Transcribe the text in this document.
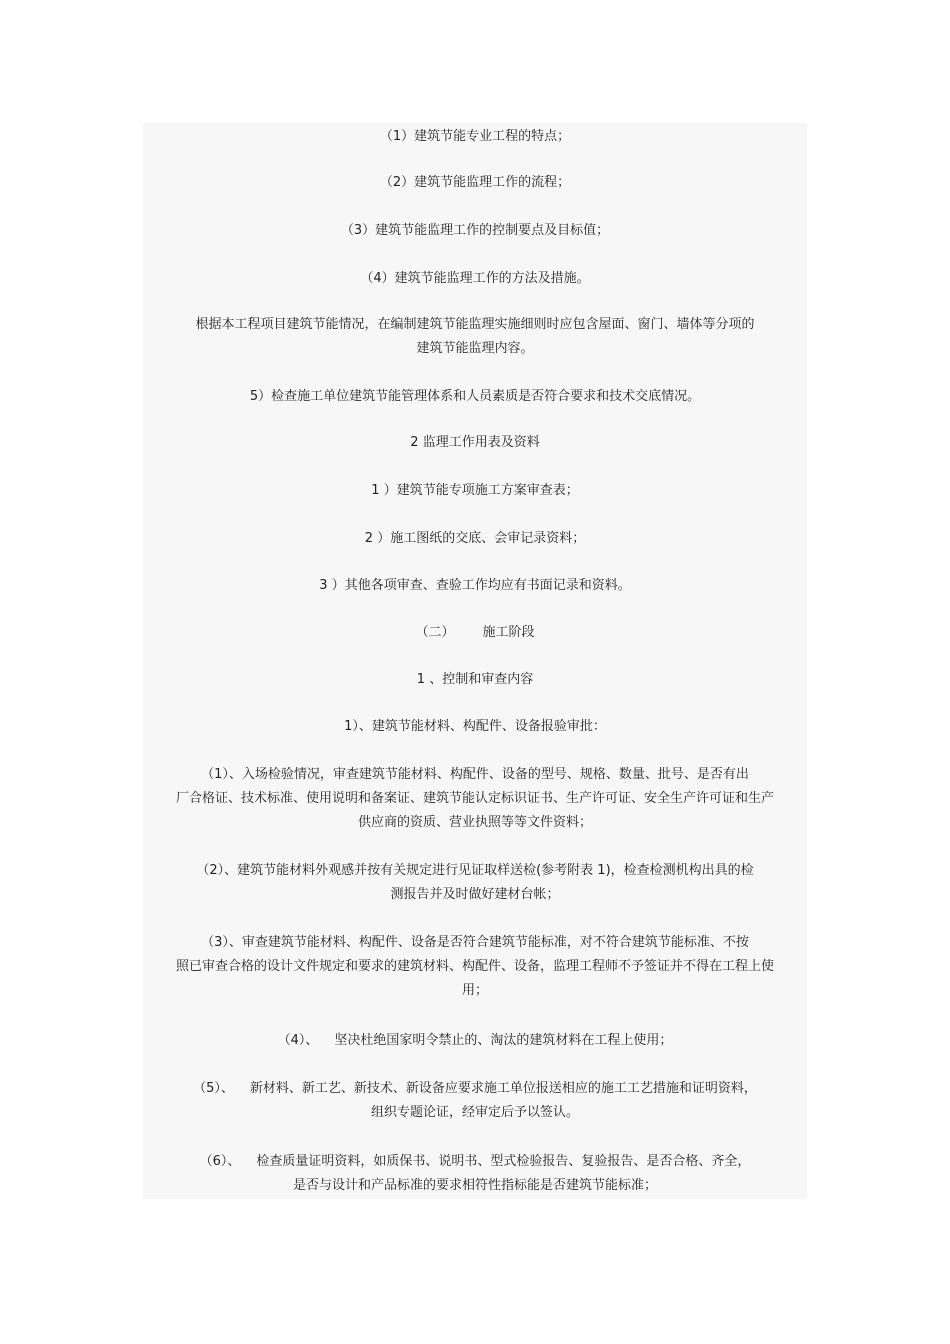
（1）建筑节能专业工程的特点；

（2）建筑节能监理工作的流程；

（3）建筑节能监理工作的控制要点及目标值；

（4）建筑节能监理工作的方法及措施。

根据本工程项目建筑节能情况，在编制建筑节能监理实施细则时应包含屋面、窗门、墙体等分项的
建筑节能监理内容。

5）检查施工单位建筑节能管理体系和人员素质是否符合要求和技术交底情况。

2 监理工作用表及资料

1 ）建筑节能专项施工方案审查表；

2 ）施工图纸的交底、会审记录资料；

3 ）其他各项审查、查验工作均应有书面记录和资料。

（二） 施工阶段

1 、控制和审查内容

1）、建筑节能材料、构配件、设备报验审批：

（1）、入场检验情况，审查建筑节能材料、构配件、设备的型号、规格、数量、批号、是否有出
厂合格证、技术标准、使用说明和备案证、建筑节能认定标识证书、生产许可证、安全生产许可证和生产
供应商的资质、营业执照等等文件资料；

（2）、建筑节能材料外观感并按有关规定进行见证取样送检(参考附表 1)，检查检测机构出具的检
测报告并及时做好建材台帐；

（3）、审查建筑节能材料、构配件、设备是否符合建筑节能标准，对不符合建筑节能标准、不按
照已审查合格的设计文件规定和要求的建筑材料、构配件、设备，监理工程师不予签证并不得在工程上使
用；

（4）、 坚决杜绝国家明令禁止的、淘汰的建筑材料在工程上使用；

（5）、 新材料、新工艺、新技术、新设备应要求施工单位报送相应的施工工艺措施和证明资料，
组织专题论证，经审定后予以签认。

（6）、 检查质量证明资料，如质保书、说明书、型式检验报告、复验报告、是否合格、齐全，
是否与设计和产品标准的要求相符性指标能是否建筑节能标准；
